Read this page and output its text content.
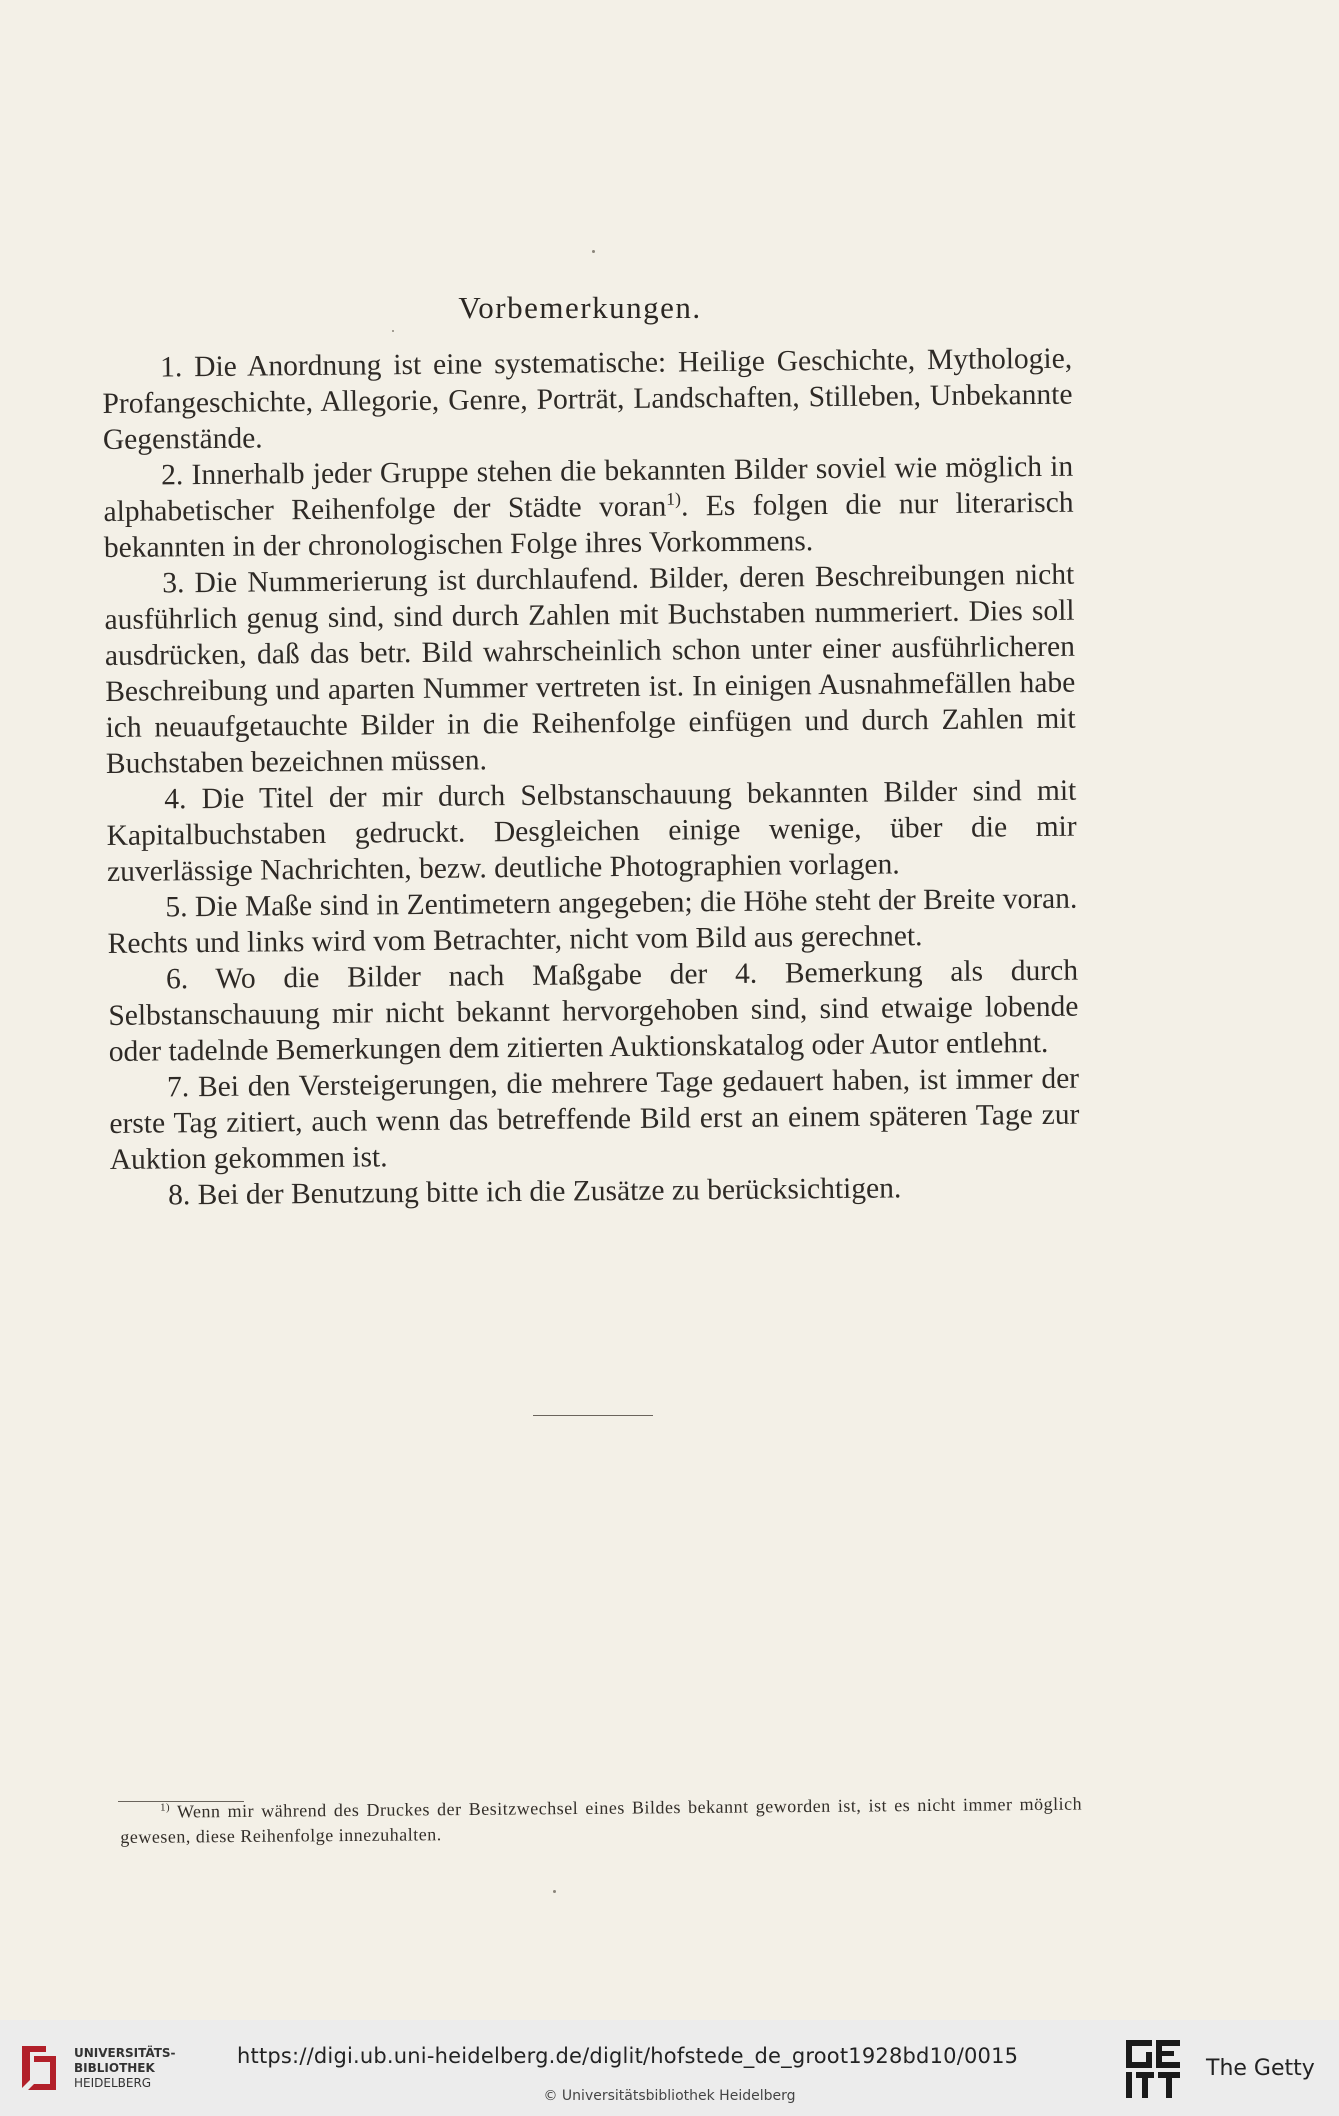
Vorbemerkungen.

1. Die Anordnung ist eine systematische: Heilige Geschichte, Mythologie, Profangeschichte, Allegorie, Genre, Porträt, Landschaften, Stilleben, Unbekannte Gegenstände.

2. Innerhalb jeder Gruppe stehen die bekannten Bilder soviel wie möglich in alphabetischer Reihenfolge der Städte voran$^{1)}$. Es folgen die nur literarisch bekannten in der chronologischen Folge ihres Vorkommens.

3. Die Nummerierung ist durchlaufend. Bilder, deren Beschreibungen nicht ausführlich genug sind, sind durch Zahlen mit Buchstaben nummeriert. Dies soll ausdrücken, daß das betr. Bild wahrscheinlich schon unter einer ausführlicheren Beschreibung und aparten Nummer vertreten ist. In einigen Ausnahmefällen habe ich neuaufgetauchte Bilder in die Reihenfolge einfügen und durch Zahlen mit Buchstaben bezeichnen müssen.

4. Die Titel der mir durch Selbstanschauung bekannten Bilder sind mit Kapitalbuchstaben gedruckt. Desgleichen einige wenige, über die mir zuverlässige Nachrichten, bezw. deutliche Photographien vorlagen.

5. Die Maße sind in Zentimetern angegeben; die Höhe steht der Breite voran. Rechts und links wird vom Betrachter, nicht vom Bild aus gerechnet.

6. Wo die Bilder nach Maßgabe der 4. Bemerkung als durch Selbstanschauung mir nicht bekannt hervorgehoben sind, sind etwaige lobende oder tadelnde Bemerkungen dem zitierten Auktionskatalog oder Autor entlehnt.

7. Bei den Versteigerungen, die mehrere Tage gedauert haben, ist immer der erste Tag zitiert, auch wenn das betreffende Bild erst an einem späteren Tage zur Auktion gekommen ist.

8. Bei der Benutzung bitte ich die Zusätze zu berücksichtigen.

$^{1)}$ Wenn mir während des Druckes der Besitzwechsel eines Bildes bekannt geworden ist, ist es nicht immer möglich gewesen, diese Reihenfolge innezuhalten.
UNIVERSITÄTS-
BIBLIOTHEK
HEIDELBERG
https://digi.ub.uni-heidelberg.de/diglit/hofstede_de_groot1928bd10/0015
© Universitätsbibliothek Heidelberg
The Getty
